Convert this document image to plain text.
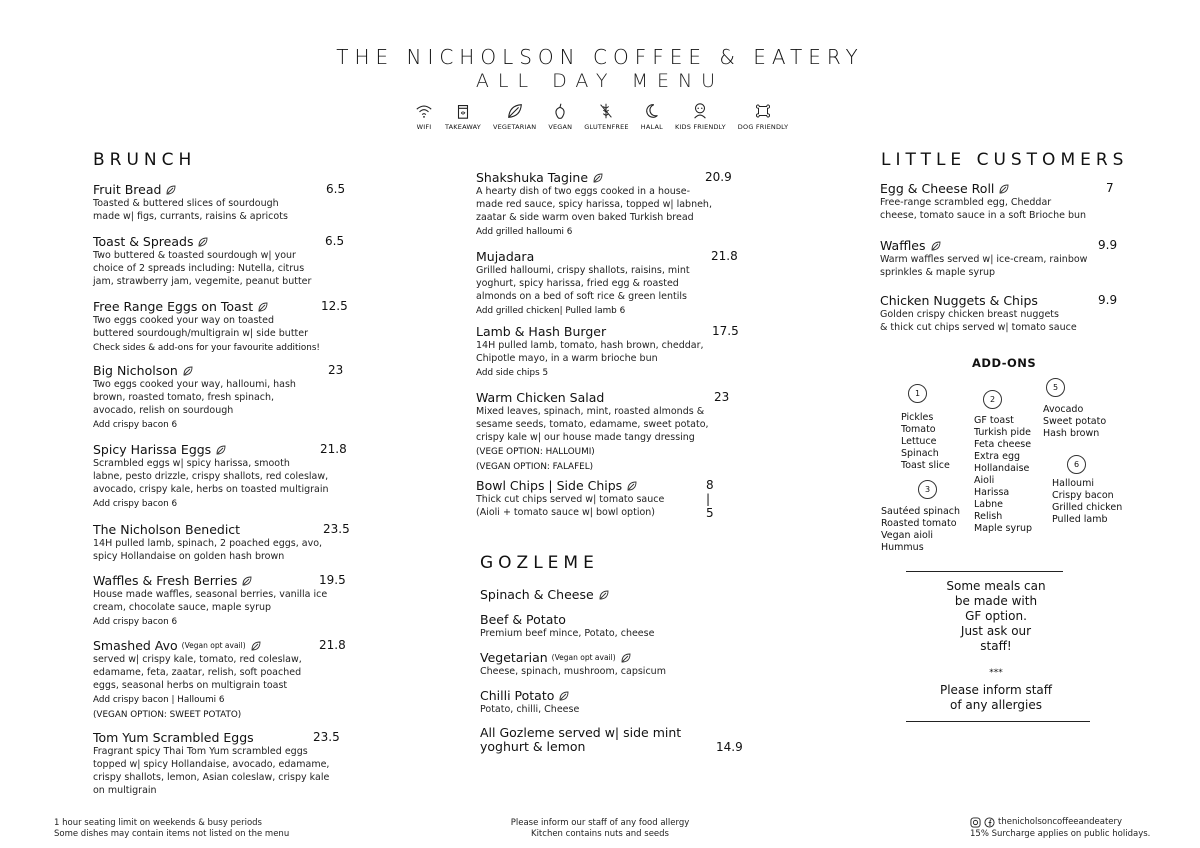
THE NICHOLSON COFFEE & EATERY
ALL DAY MENU
WIFI TAKEAWAY VEGETARIAN VEGAN GLUTENFREE HALAL KIDS FRIENDLY DOG FRIENDLY
BRUNCH
Fruit Bread	6.5
Toasted & buttered slices of sourdough
made w| figs, currants, raisins & apricots
Toast & Spreads	6.5
Two buttered & toasted sourdough w| your
choice of 2 spreads including: Nutella, citrus
jam, strawberry jam, vegemite, peanut butter
Free Range Eggs on Toast	12.5
Two eggs cooked your way on toasted
buttered sourdough/multigrain w| side butter
Check sides & add-ons for your favourite additions!
Big Nicholson	23
Two eggs cooked your way, halloumi, hash
brown, roasted tomato, fresh spinach,
avocado, relish on sourdough
Add crispy bacon 6
Spicy Harissa Eggs	21.8
Scrambled eggs w| spicy harissa, smooth
labne, pesto drizzle, crispy shallots, red coleslaw,
avocado, crispy kale, herbs on toasted multigrain
Add crispy bacon 6
The Nicholson Benedict	23.5
14H pulled lamb, spinach, 2 poached eggs, avo,
spicy Hollandaise on golden hash brown
Waffles & Fresh Berries	19.5
House made waffles, seasonal berries, vanilla ice
cream, chocolate sauce, maple syrup
Add crispy bacon 6
Smashed Avo (Vegan opt avail)	21.8
served w| crispy kale, tomato, red coleslaw,
edamame, feta, zaatar, relish, soft poached
eggs, seasonal herbs on multigrain toast
Add crispy bacon | Halloumi 6
(VEGAN OPTION: SWEET POTATO)
Tom Yum Scrambled Eggs	23.5
Fragrant spicy Thai Tom Yum scrambled eggs
topped w| spicy Hollandaise, avocado, edamame,
crispy shallots, lemon, Asian coleslaw, crispy kale
on multigrain
Shakshuka Tagine	20.9
A hearty dish of two eggs cooked in a house-
made red sauce, spicy harissa, topped w| labneh,
zaatar & side warm oven baked Turkish bread
Add grilled halloumi 6
Mujadara	21.8
Grilled halloumi, crispy shallots, raisins, mint
yoghurt, spicy harissa, fried egg & roasted
almonds on a bed of soft rice & green lentils
Add grilled chicken| Pulled lamb 6
Lamb & Hash Burger	17.5
14H pulled lamb, tomato, hash brown, cheddar,
Chipotle mayo, in a warm brioche bun
Add side chips 5
Warm Chicken Salad	23
Mixed leaves, spinach, mint, roasted almonds &
sesame seeds, tomato, edamame, sweet potato,
crispy kale w| our house made tangy dressing
(VEGE OPTION: HALLOUMI)
(VEGAN OPTION: FALAFEL)
Bowl Chips | Side Chips	8 | 5
Thick cut chips served w| tomato sauce
(Aioli + tomato sauce w| bowl option)
GOZLEME
Spinach & Cheese
Beef & Potato
Premium beef mince, Potato, cheese
Vegetarian (Vegan opt avail)
Cheese, spinach, mushroom, capsicum
Chilli Potato
Potato, chilli, Cheese
All Gozleme served w| side mint
yoghurt & lemon	14.9
LITTLE CUSTOMERS
Egg & Cheese Roll	7
Free-range scrambled egg, Cheddar
cheese, tomato sauce in a soft Brioche bun
Waffles	9.9
Warm waffles served w| ice-cream, rainbow
sprinkles & maple syrup
Chicken Nuggets & Chips	9.9
Golden crispy chicken breast nuggets
& thick cut chips served w| tomato sauce
ADD-ONS
1
Pickles
Tomato
Lettuce
Spinach
Toast slice
2
GF toast
Turkish pide
Feta cheese
Extra egg
Hollandaise
Aioli
Harissa
Labne
Relish
Maple syrup
3
Sautéed spinach
Roasted tomato
Vegan aioli
Hummus
5
Avocado
Sweet potato
Hash brown
6
Halloumi
Crispy bacon
Grilled chicken
Pulled lamb
Some meals can
be made with
GF option.
Just ask our
staff!
***
Please inform staff
of any allergies
1 hour seating limit on weekends & busy periods
Some dishes may contain items not listed on the menu
Please inform our staff of any food allergy
Kitchen contains nuts and seeds
thenicholsoncoffeeandeatery
15% Surcharge applies on public holidays.
